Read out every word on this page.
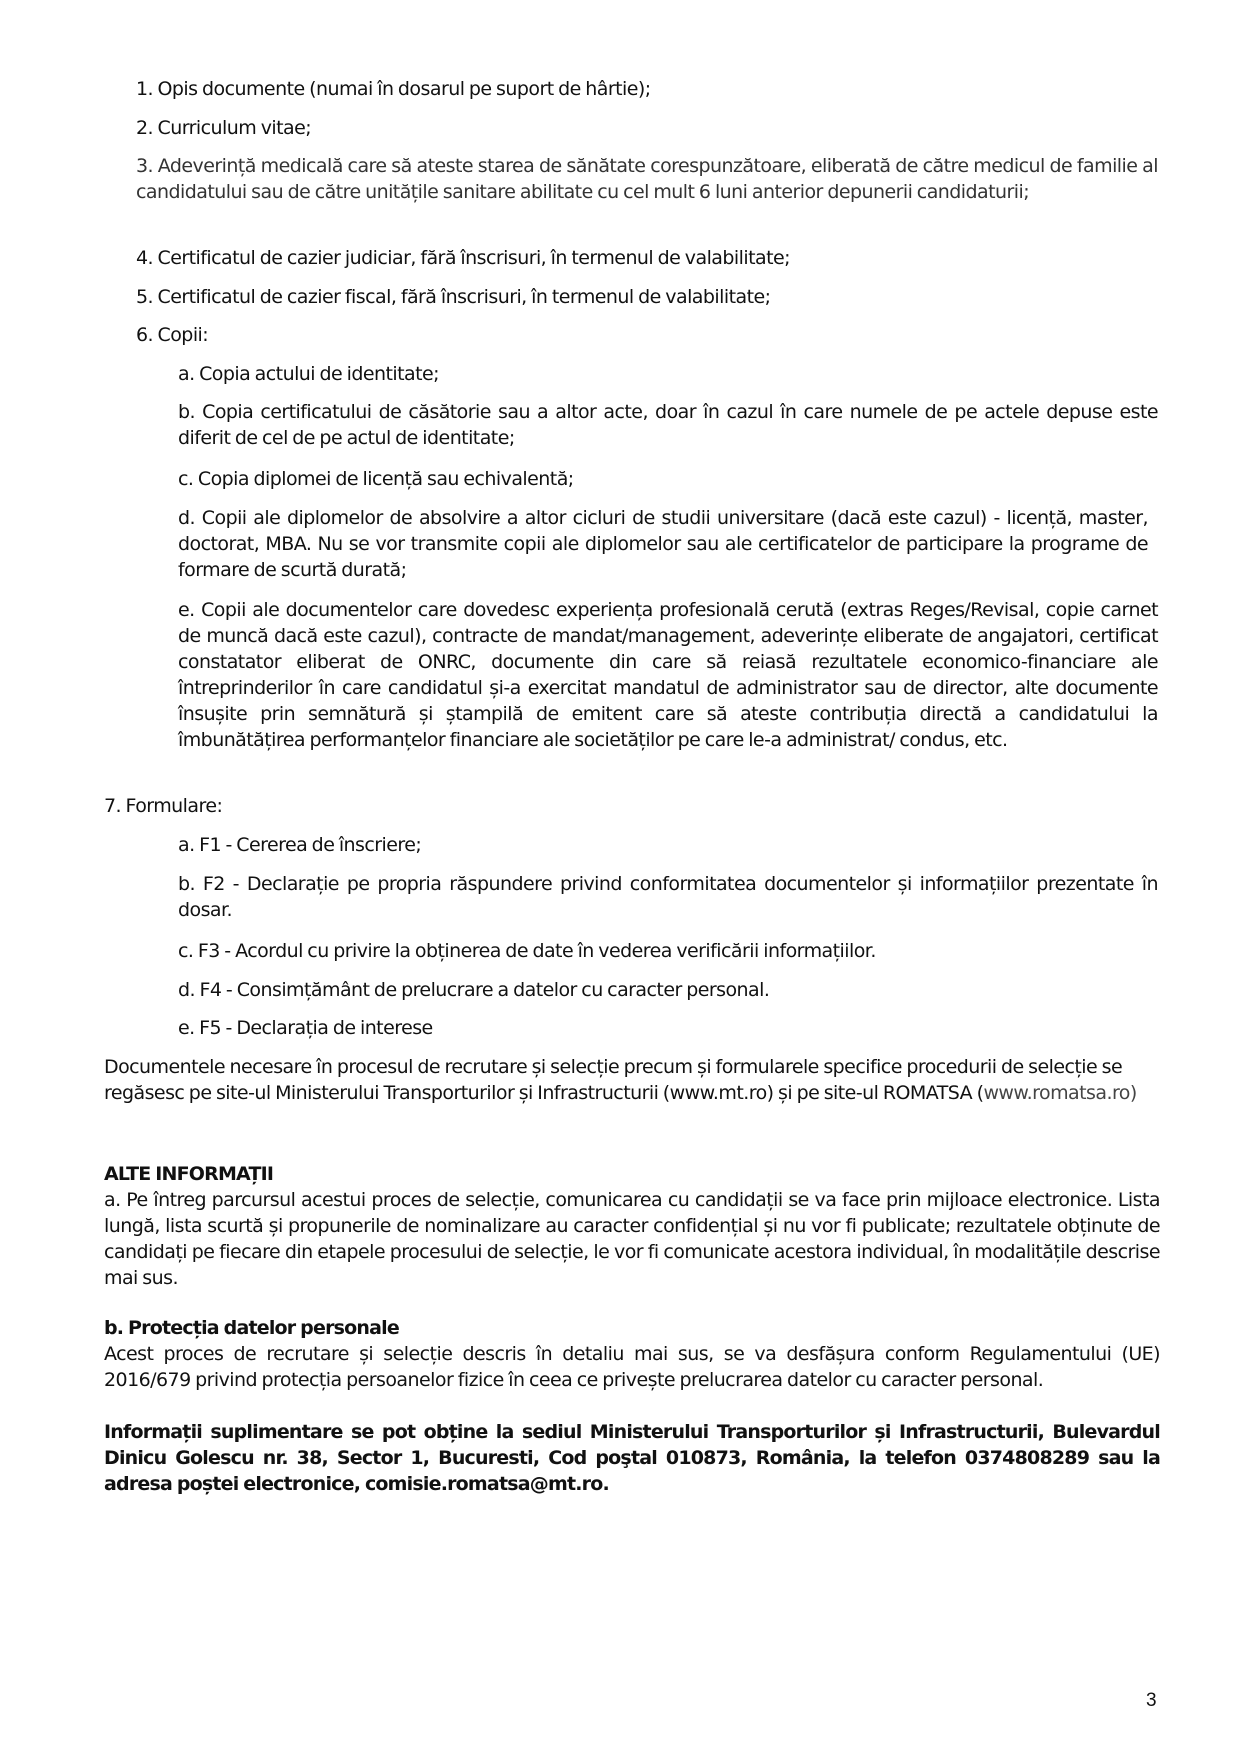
1. Opis documente (numai în dosarul pe suport de hârtie);
2. Curriculum vitae;
3. Adeverință medicală care să ateste starea de sănătate corespunzătoare, eliberată de către medicul de familie al candidatului sau de către unitățile sanitare abilitate cu cel mult 6 luni anterior depunerii candidaturii;
4. Certificatul de cazier judiciar, fără înscrisuri, în termenul de valabilitate;
5. Certificatul de cazier fiscal, fără înscrisuri, în termenul de valabilitate;
6. Copii:
a. Copia actului de identitate;
b. Copia certificatului de căsătorie sau a altor acte, doar în cazul în care numele de pe actele depuse este diferit de cel de pe actul de identitate;
c. Copia diplomei de licență sau echivalentă;
d. Copii ale diplomelor de absolvire a altor cicluri de studii universitare (dacă este cazul) - licență, master, doctorat, MBA. Nu se vor transmite copii ale diplomelor sau ale certificatelor de participare la programe de formare de scurtă durată;
e. Copii ale documentelor care dovedesc experiența profesională cerută (extras Reges/Revisal, copie carnet de muncă dacă este cazul), contracte de mandat/management, adeverințe eliberate de angajatori, certificat constatator eliberat de ONRC, documente din care să reiasă rezultatele economico-financiare ale întreprinderilor în care candidatul și-a exercitat mandatul de administrator sau de director, alte documente însușite prin semnătură și ștampilă de emitent care să ateste contribuția directă a candidatului la îmbunătățirea performanțelor financiare ale societăților pe care le-a administrat/ condus, etc.
7. Formulare:
a. F1 - Cererea de înscriere;
b. F2 - Declarație pe propria răspundere privind conformitatea documentelor și informațiilor prezentate în dosar.
c. F3 - Acordul cu privire la obținerea de date în vederea verificării informațiilor.
d. F4 - Consimțământ de prelucrare a datelor cu caracter personal.
e. F5 - Declarația de interese
Documentele necesare în procesul de recrutare și selecție precum și formularele specifice procedurii de selecție se regăsesc pe site-ul Ministerului Transporturilor și Infrastructurii (www.mt.ro) și pe site-ul ROMATSA (www.romatsa.ro)
ALTE INFORMAȚII
a. Pe întreg parcursul acestui proces de selecție, comunicarea cu candidații se va face prin mijloace electronice. Lista lungă, lista scurtă și propunerile de nominalizare au caracter confidențial și nu vor fi publicate; rezultatele obținute de candidați pe fiecare din etapele procesului de selecție, le vor fi comunicate acestora individual, în modalitățile descrise mai sus.
b. Protecția datelor personale
Acest proces de recrutare și selecție descris în detaliu mai sus, se va desfășura conform Regulamentului (UE) 2016/679 privind protecția persoanelor fizice în ceea ce privește prelucrarea datelor cu caracter personal.
Informații suplimentare se pot obține la sediul Ministerului Transporturilor și Infrastructurii, Bulevardul Dinicu Golescu nr. 38, Sector 1, Bucuresti, Cod poştal 010873, România, la telefon 0374808289 sau la adresa poștei electronice, comisie.romatsa@mt.ro.
3
